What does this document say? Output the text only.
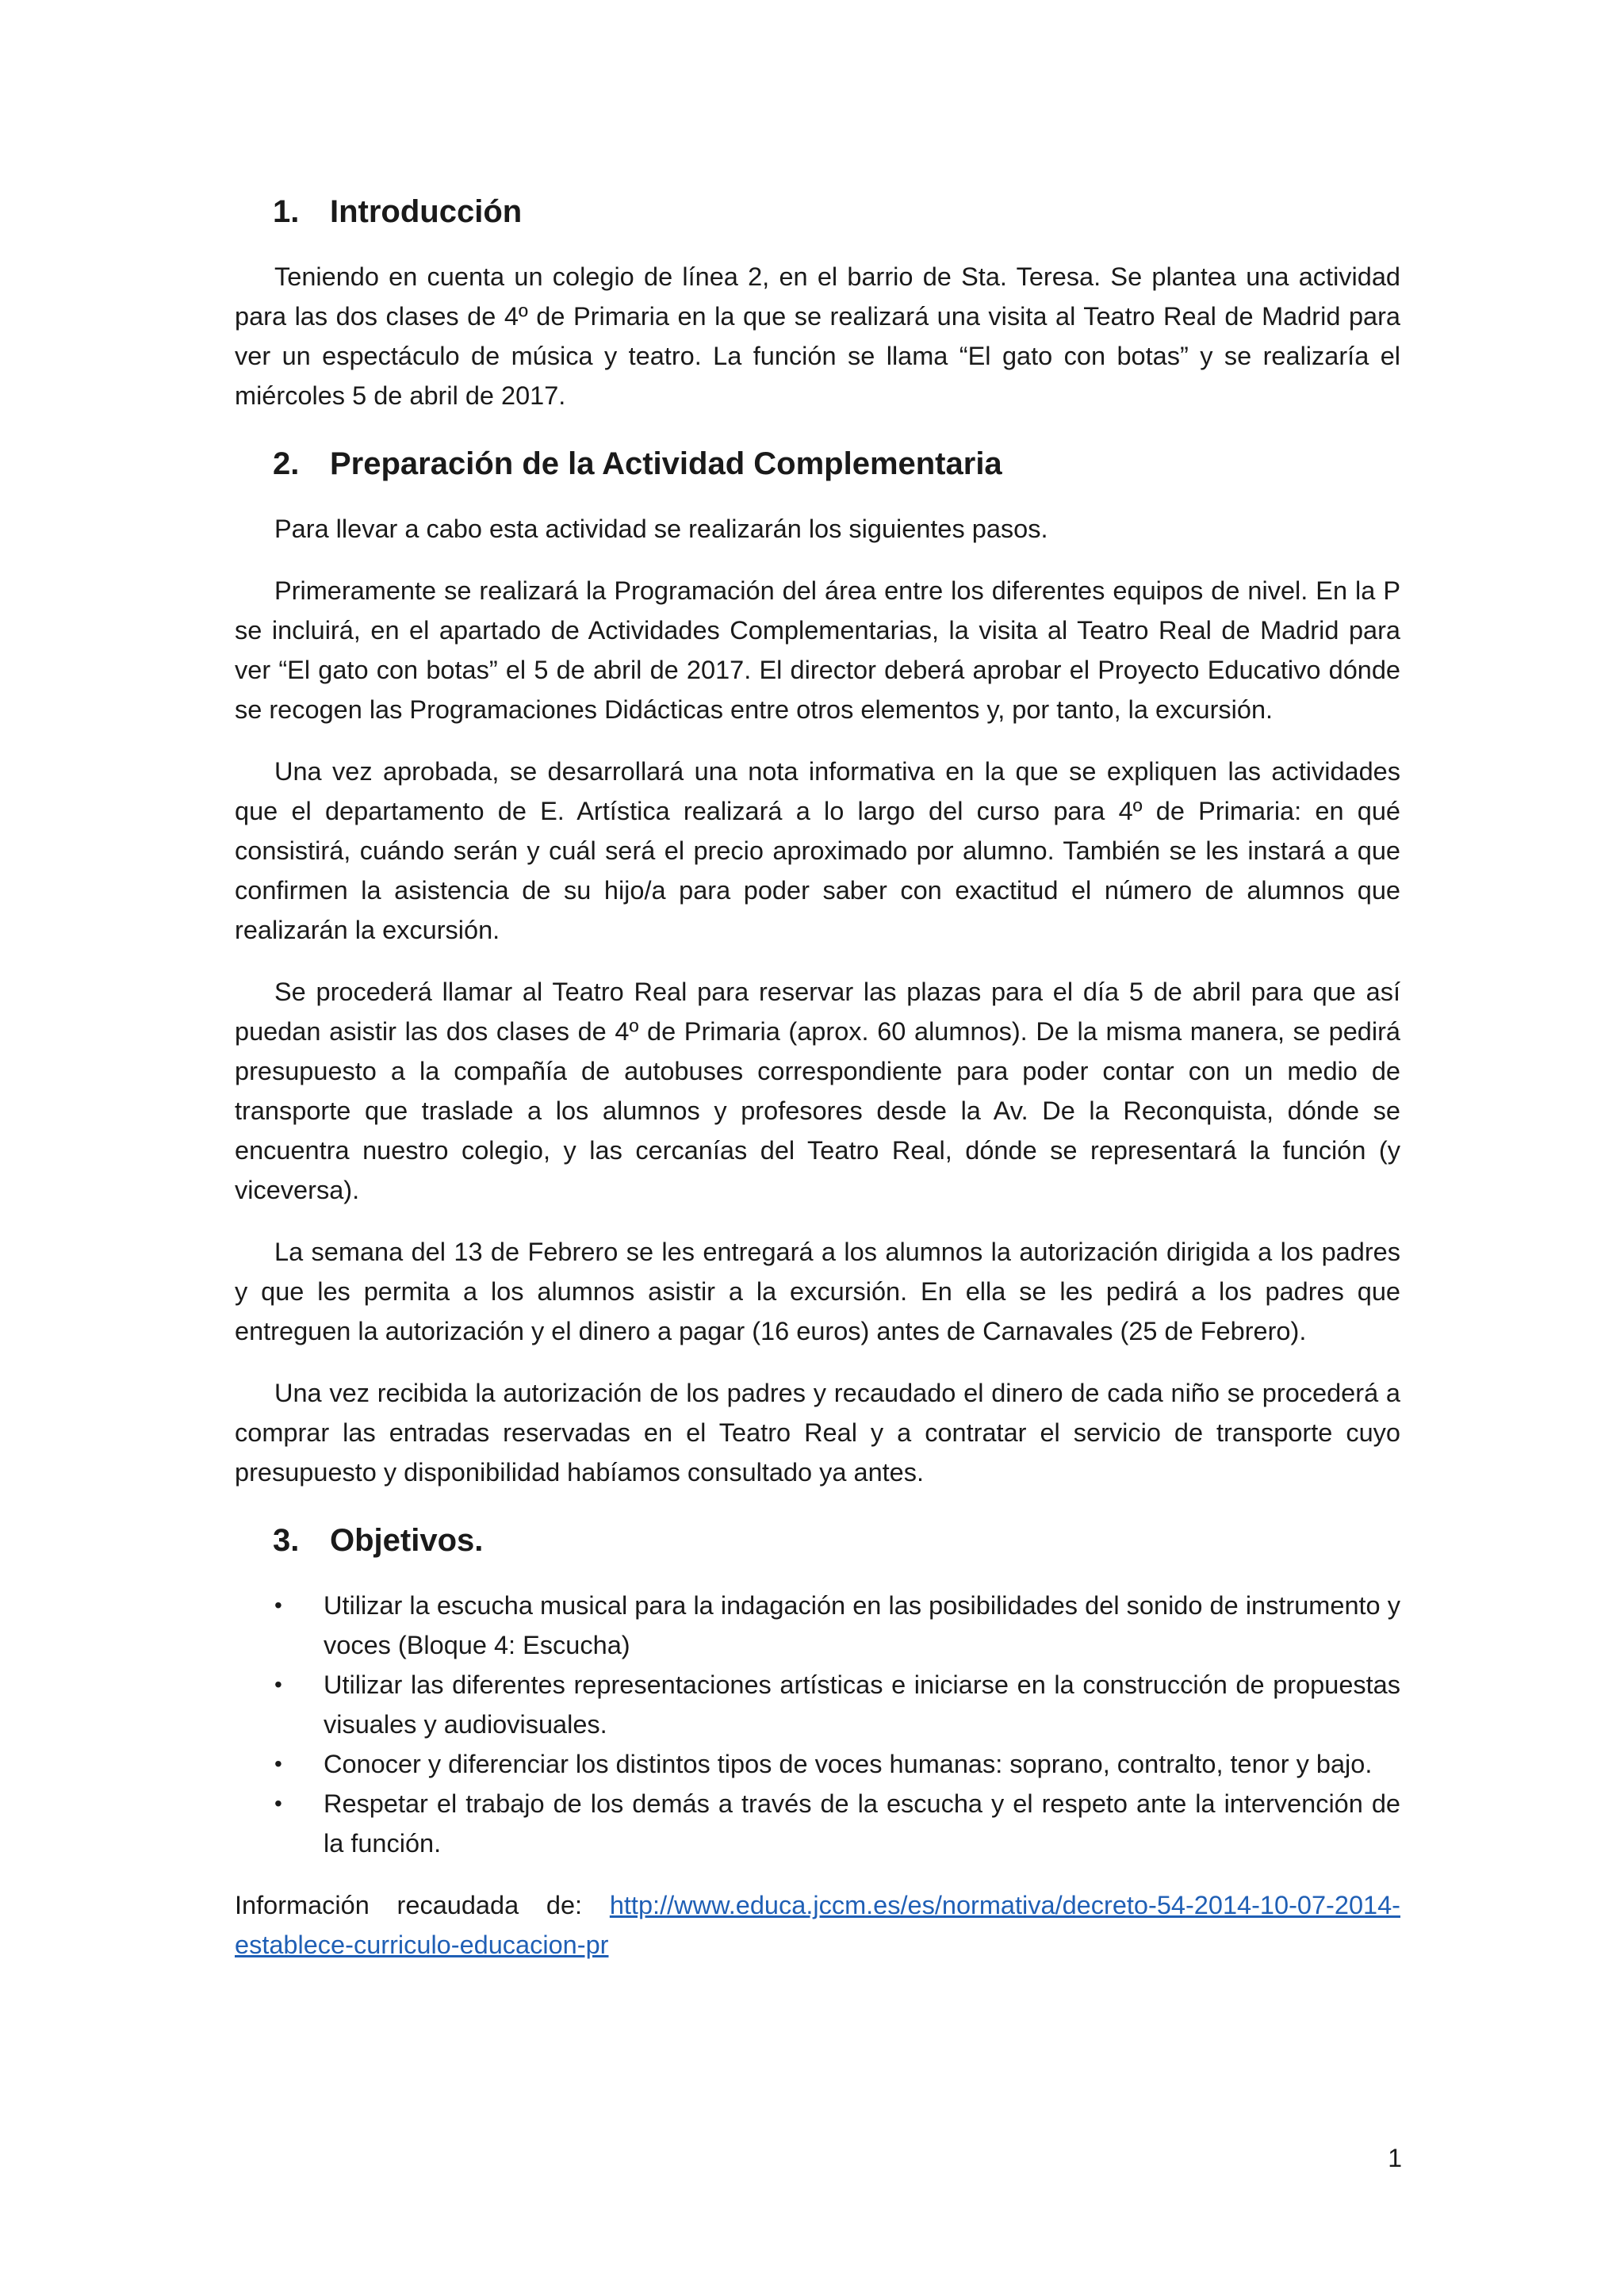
1. Introducción

Teniendo en cuenta un colegio de línea 2, en el barrio de Sta. Teresa. Se plantea una actividad para las dos clases de 4º de Primaria en la que se realizará una visita al Teatro Real de Madrid para ver un espectáculo de música y teatro. La función se llama “El gato con botas” y se realizaría el miércoles 5 de abril de 2017.

2. Preparación de la Actividad Complementaria

Para llevar a cabo esta actividad se realizarán los siguientes pasos.

Primeramente se realizará la Programación del área entre los diferentes equipos de nivel. En la P se incluirá, en el apartado de Actividades Complementarias, la visita al Teatro Real de Madrid para ver “El gato con botas” el 5 de abril de 2017. El director deberá aprobar el Proyecto Educativo dónde se recogen las Programaciones Didácticas entre otros elementos y, por tanto, la excursión.

Una vez aprobada, se desarrollará una nota informativa en la que se expliquen las actividades que el departamento de E. Artística realizará a lo largo del curso para 4º de Primaria: en qué consistirá, cuándo serán y cuál será el precio aproximado por alumno. También se les instará a que confirmen la asistencia de su hijo/a para poder saber con exactitud el número de alumnos que realizarán la excursión.

Se procederá llamar al Teatro Real para reservar las plazas para el día 5 de abril para que así puedan asistir las dos clases de 4º de Primaria (aprox. 60 alumnos). De la misma manera, se pedirá presupuesto a la compañía de autobuses correspondiente para poder contar con un medio de transporte que traslade a los alumnos y profesores desde la Av. De la Reconquista, dónde se encuentra nuestro colegio, y las cercanías del Teatro Real, dónde se representará la función (y viceversa).

La semana del 13 de Febrero se les entregará a los alumnos la autorización dirigida a los padres y que les permita a los alumnos asistir a la excursión. En ella se les pedirá a los padres que entreguen la autorización y el dinero a pagar (16 euros) antes de Carnavales (25 de Febrero).

Una vez recibida la autorización de los padres y recaudado el dinero de cada niño se procederá a comprar las entradas reservadas en el Teatro Real y a contratar el servicio de transporte cuyo presupuesto y disponibilidad habíamos consultado ya antes.

3. Objetivos.
•	Utilizar la escucha musical para la indagación en las posibilidades del sonido de instrumento y voces (Bloque 4: Escucha)
•	Utilizar las diferentes representaciones artísticas e iniciarse en la construcción de propuestas visuales y audiovisuales.
•	Conocer y diferenciar los distintos tipos de voces humanas: soprano, contralto, tenor y bajo.
•	Respetar el trabajo de los demás a través de la escucha y el respeto ante la intervención de la función.

Información recaudada de: http://www.educa.jccm.es/es/normativa/decreto-54-2014-10-07-2014-establece-curriculo-educacion-pr

1
